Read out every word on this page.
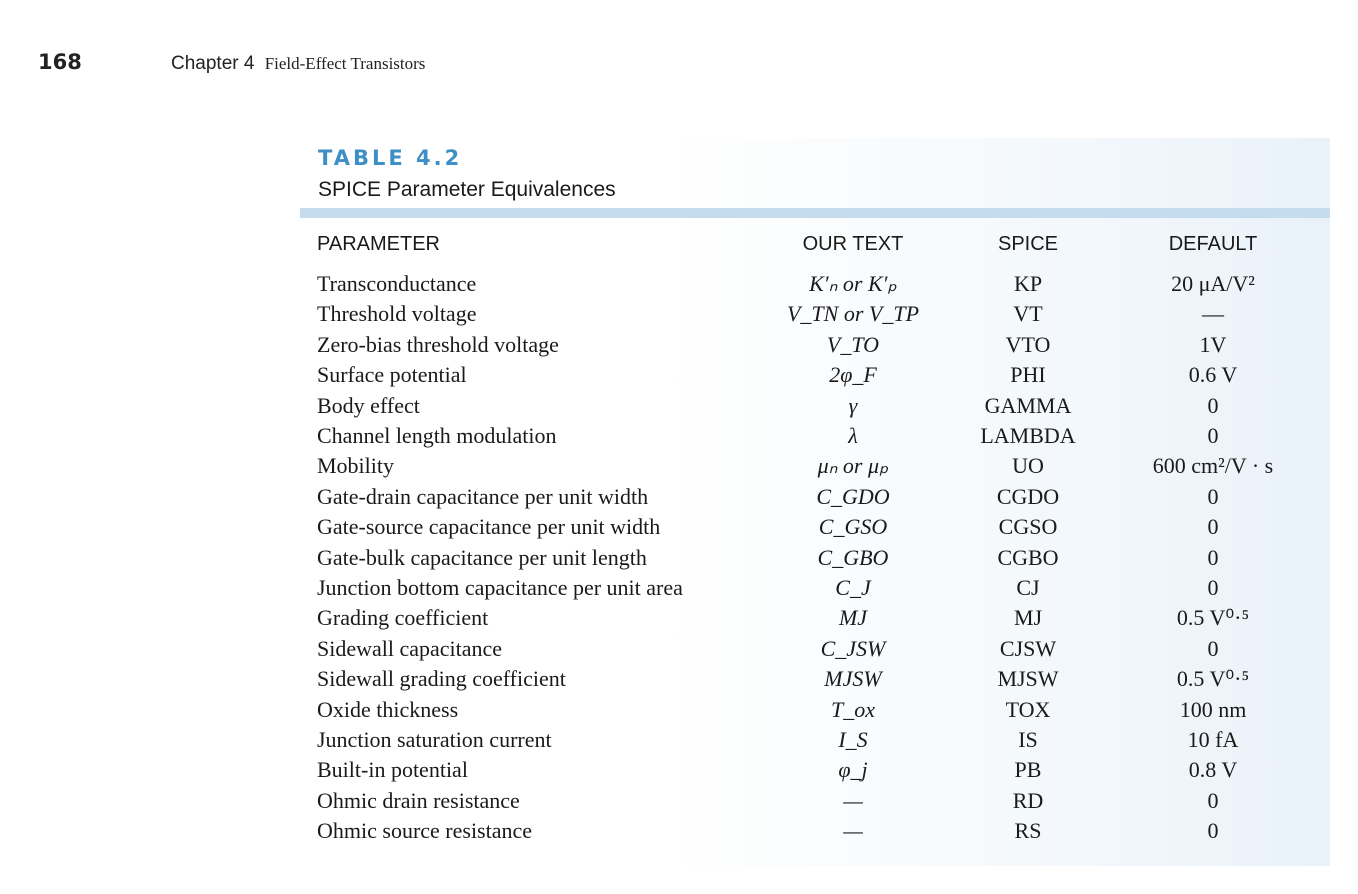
168	Chapter 4 Field-Effect Transistors
TABLE 4.2
SPICE Parameter Equivalences
PARAMETER	OUR TEXT	SPICE	DEFAULT
Transconductance	K′ₙ or K′ₚ	KP	20 μA/V²
Threshold voltage	V_TN or V_TP	VT	—
Zero-bias threshold voltage	V_TO	VTO	1V
Surface potential	2φ_F	PHI	0.6 V
Body effect	γ	GAMMA	0
Channel length modulation	λ	LAMBDA	0
Mobility	μₙ or μₚ	UO	600 cm²/V · s
Gate-drain capacitance per unit width	C_GDO	CGDO	0
Gate-source capacitance per unit width	C_GSO	CGSO	0
Gate-bulk capacitance per unit length	C_GBO	CGBO	0
Junction bottom capacitance per unit area	C_J	CJ	0
Grading coefficient	MJ	MJ	0.5 V⁰·⁵
Sidewall capacitance	C_JSW	CJSW	0
Sidewall grading coefficient	MJSW	MJSW	0.5 V⁰·⁵
Oxide thickness	T_ox	TOX	100 nm
Junction saturation current	I_S	IS	10 fA
Built-in potential	φ_j	PB	0.8 V
Ohmic drain resistance	—	RD	0
Ohmic source resistance	—	RS	0
